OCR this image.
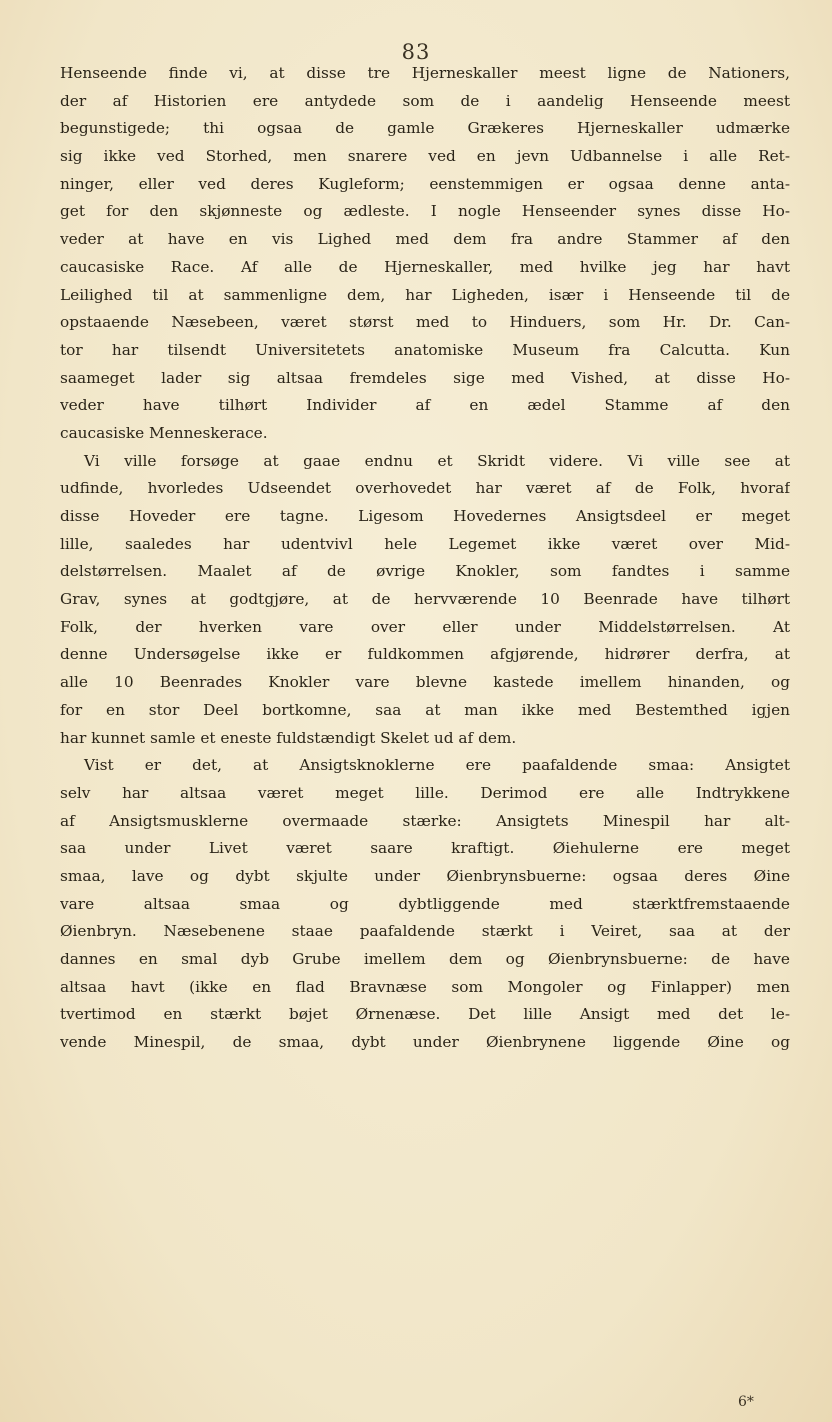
83
Henseende finde vi, at disse tre Hjerneskaller meest ligne de Nationers,
der af Historien ere antydede som de i aandelig Henseende meest
begunstigede; thi ogsaa de gamle Grækeres Hjerneskaller udmærke
sig ikke ved Storhed, men snarere ved en jevn Udbannelse i alle Ret-
ninger, eller ved deres Kugleform; eenstemmigen er ogsaa denne anta-
get for den skjønneste og ædleste. I nogle Henseender synes disse Ho-
veder at have en vis Lighed med dem fra andre Stammer af den
caucasiske Race. Af alle de Hjerneskaller, med hvilke jeg har havt
Leilighed til at sammenligne dem, har Ligheden, især i Henseende til de
opstaaende Næsebeen, været størst med to Hinduers, som Hr. Dr. Can-
tor har tilsendt Universitetets anatomiske Museum fra Calcutta. Kun
saameget lader sig altsaa fremdeles sige med Vished, at disse Ho-
veder have tilhørt Individer af en ædel Stamme af den
caucasiske Menneskerace.
Vi ville forsøge at gaae endnu et Skridt videre. Vi ville see at
udfinde, hvorledes Udseendet overhovedet har været af de Folk, hvoraf
disse Hoveder ere tagne. Ligesom Hovedernes Ansigtsdeel er meget
lille, saaledes har udentvivl hele Legemet ikke været over Mid-
delstørrelsen. Maalet af de øvrige Knokler, som fandtes i samme
Grav, synes at godtgjøre, at de hervværende 10 Beenrade have tilhørt
Folk, der hverken vare over eller under Middelstørrelsen. At
denne Undersøgelse ikke er fuldkommen afgjørende, hidrører derfra, at
alle 10 Beenrades Knokler vare blevne kastede imellem hinanden, og
for en stor Deel bortkomne, saa at man ikke med Bestemthed igjen
har kunnet samle et eneste fuldstændigt Skelet ud af dem.
Vist er det, at Ansigtsknoklerne ere paafaldende smaa: Ansigtet
selv har altsaa været meget lille. Derimod ere alle Indtrykkene
af Ansigtsmusklerne overmaade stærke: Ansigtets Minespil har alt-
saa under Livet været saare kraftigt. Øiehulerne ere meget
smaa, lave og dybt skjulte under Øienbrynsbuerne: ogsaa deres Øine
vare altsaa smaa og dybtliggende med stærktfremstaaende
Øienbryn. Næsebenene staae paafaldende stærkt i Veiret, saa at der
dannes en smal dyb Grube imellem dem og Øienbrynsbuerne: de have
altsaa havt (ikke en flad Bravnæse som Mongoler og Finlapper) men
tvertimod en stærkt bøjet Ørnenæse. Det lille Ansigt med det le-
vende Minespil, de smaa, dybt under Øienbrynene liggende Øine og
6*
